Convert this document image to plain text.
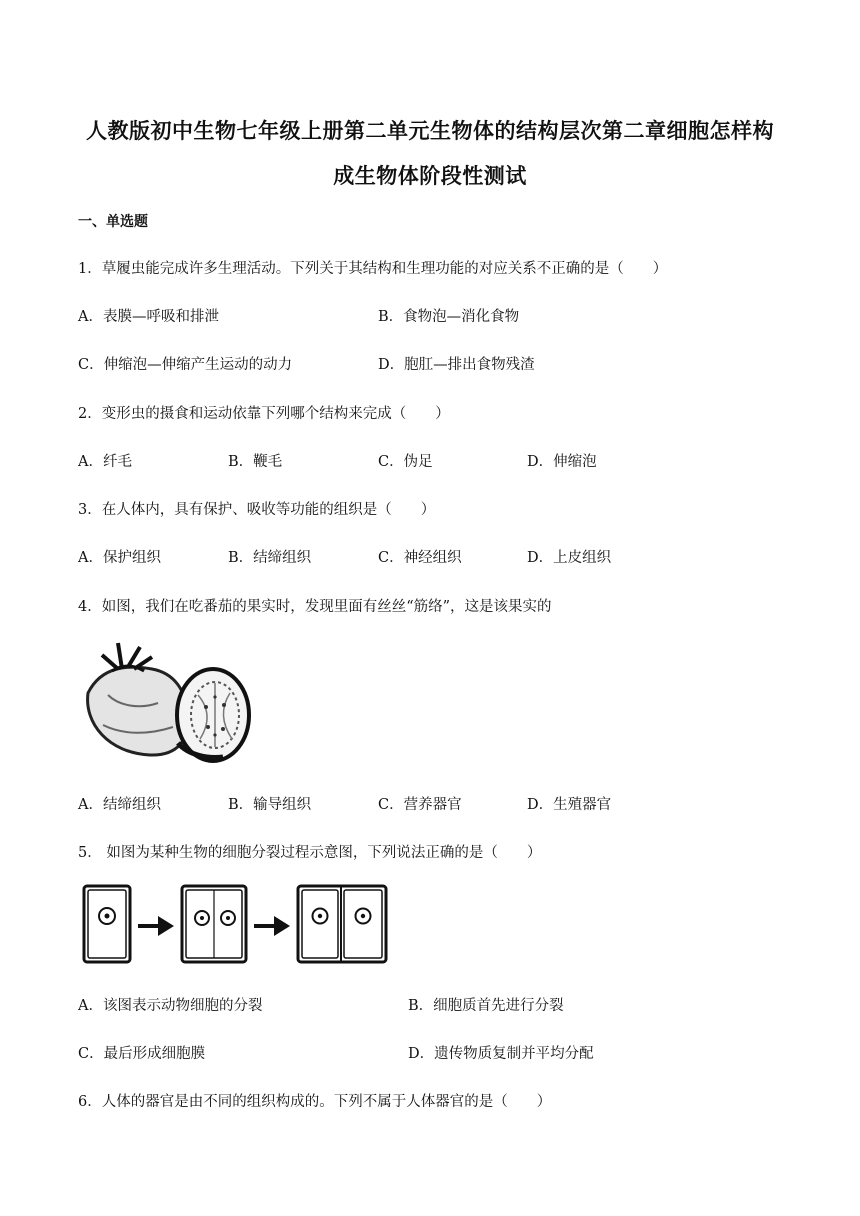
人教版初中生物七年级上册第二单元生物体的结构层次第二章细胞怎样构
成生物体阶段性测试
一、单选题
1．草履虫能完成许多生理活动。下列关于其结构和生理功能的对应关系不正确的是（　　）
A．表膜—呼吸和排泄	B．食物泡—消化食物
C．伸缩泡—伸缩产生运动的动力	D．胞肛—排出食物残渣
2．变形虫的摄食和运动依靠下列哪个结构来完成（　　）
A．纤毛	B．鞭毛	C．伪足	D．伸缩泡
3．在人体内，具有保护、吸收等功能的组织是（　　）
A．保护组织	B．结缔组织	C．神经组织	D．上皮组织
4．如图，我们在吃番茄的果实时，发现里面有丝丝“筋络”，这是该果实的
A．结缔组织	B．输导组织	C．营养器官	D．生殖器官
5． 如图为某种生物的细胞分裂过程示意图，下列说法正确的是（　　）
A．该图表示动物细胞的分裂	B．细胞质首先进行分裂
C．最后形成细胞膜	D．遗传物质复制并平均分配
6．人体的器官是由不同的组织构成的。下列不属于人体器官的是（　　）
